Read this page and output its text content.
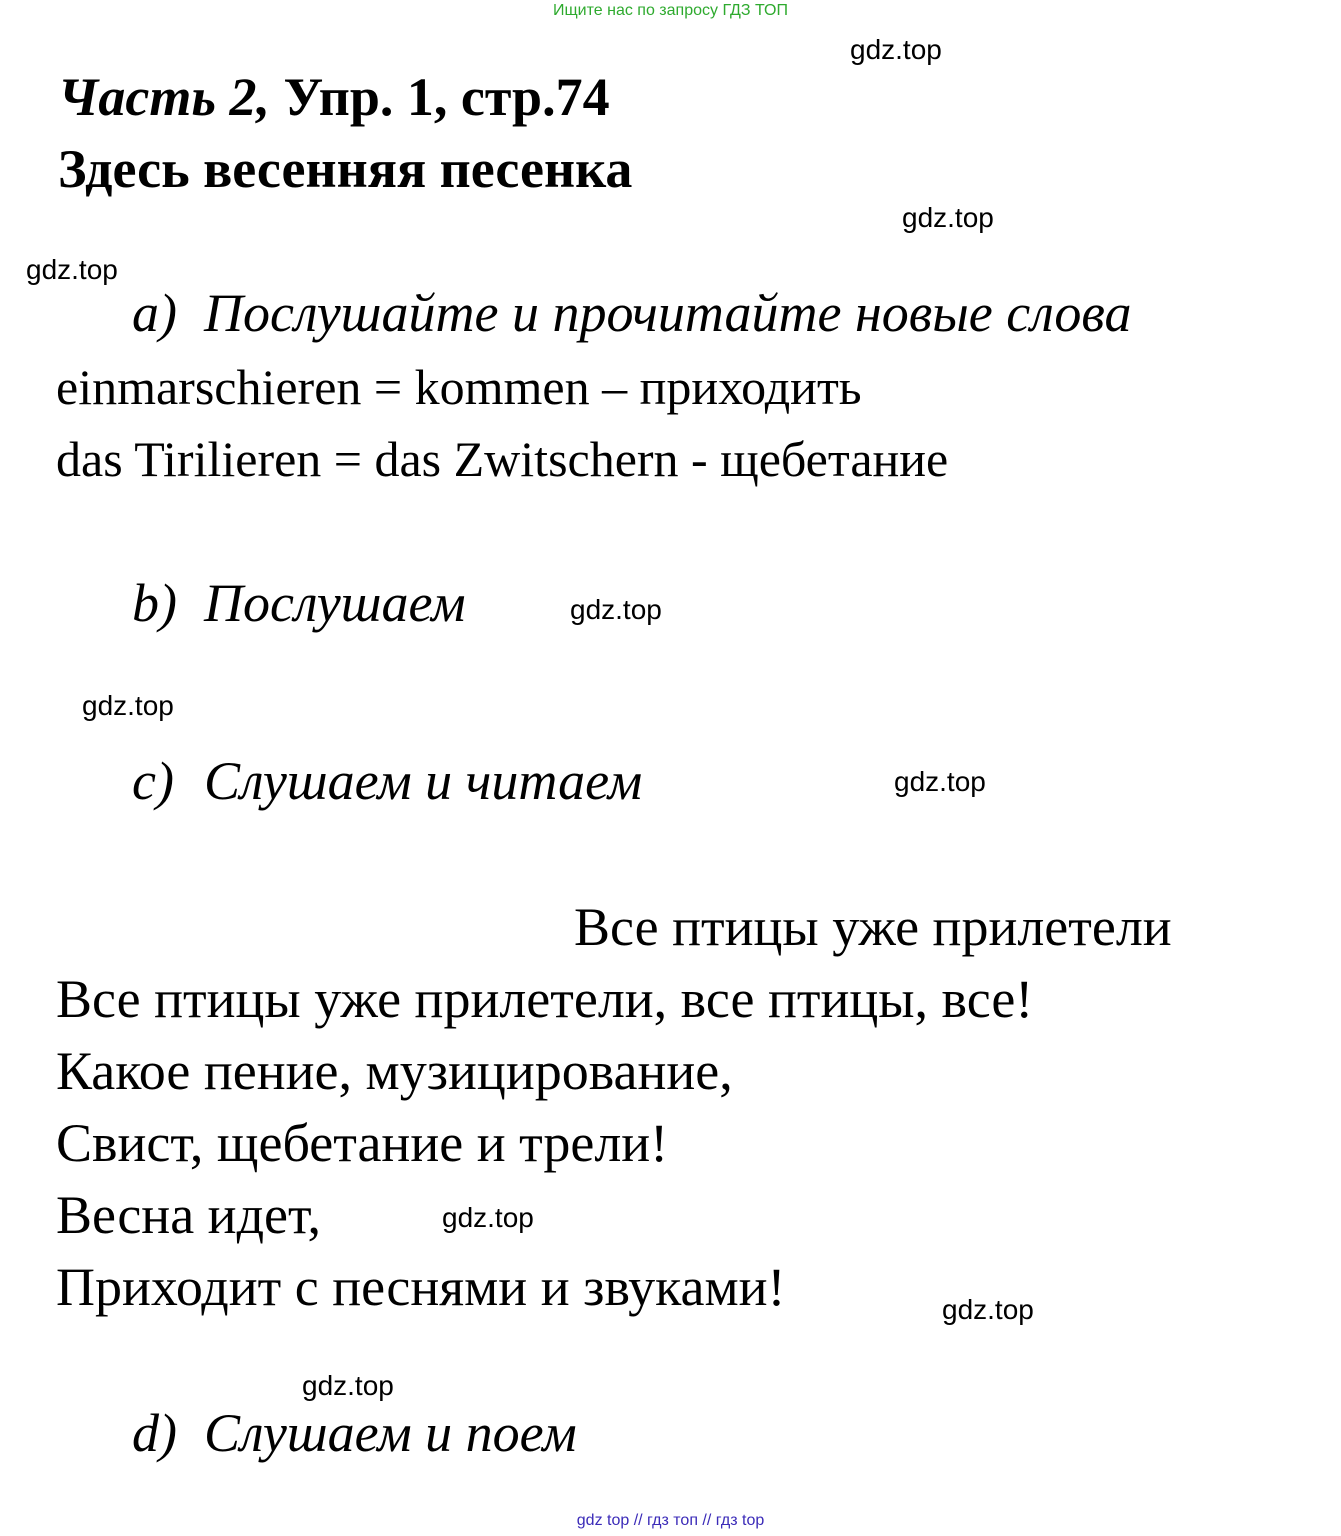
Ищите нас по запросу ГДЗ ТОП
Часть 2, Упр. 1, стр.74
Здесь весенняя песенка
gdz.top
gdz.top
gdz.top
a) Послушайте и прочитайте новые слова
einmarschieren = kommen – приходить
das Tirilieren = das Zwitschern - щебетание
b) Послушаем	gdz.top
gdz.top
c) Слушаем и читаем	gdz.top
Все птицы уже прилетели
Все птицы уже прилетели, все птицы, все!
Какое пение, музицирование,
Свист, щебетание и трели!
Весна идет,	gdz.top
Приходит с песнями и звуками!	gdz.top
gdz.top
d) Слушаем и поем
gdz top // гдз топ // гдз top
